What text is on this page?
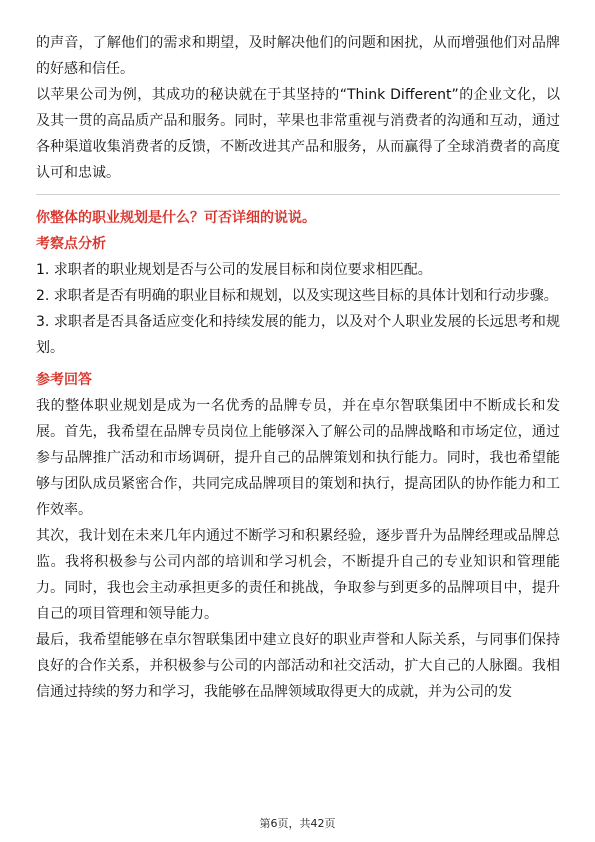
的声音，了解他们的需求和期望，及时解决他们的问题和困扰，从而增强他们对品牌的好感和信任。

以苹果公司为例，其成功的秘诀就在于其坚持的“Think Different”的企业文化，以及其一贯的高品质产品和服务。同时，苹果也非常重视与消费者的沟通和互动，通过各种渠道收集消费者的反馈，不断改进其产品和服务，从而赢得了全球消费者的高度认可和忠诚。

你整体的职业规划是什么？可否详细的说说。
考察点分析

1. 求职者的职业规划是否与公司的发展目标和岗位要求相匹配。

2. 求职者是否有明确的职业目标和规划，以及实现这些目标的具体计划和行动步骤。

3. 求职者是否具备适应变化和持续发展的能力，以及对个人职业发展的长远思考和规划。

参考回答

我的整体职业规划是成为一名优秀的品牌专员，并在卓尔智联集团中不断成长和发展。首先，我希望在品牌专员岗位上能够深入了解公司的品牌战略和市场定位，通过参与品牌推广活动和市场调研，提升自己的品牌策划和执行能力。同时，我也希望能够与团队成员紧密合作，共同完成品牌项目的策划和执行，提高团队的协作能力和工作效率。

其次，我计划在未来几年内通过不断学习和积累经验，逐步晋升为品牌经理或品牌总监。我将积极参与公司内部的培训和学习机会，不断提升自己的专业知识和管理能力。同时，我也会主动承担更多的责任和挑战，争取参与到更多的品牌项目中，提升自己的项目管理和领导能力。

最后，我希望能够在卓尔智联集团中建立良好的职业声誉和人际关系，与同事们保持良好的合作关系，并积极参与公司的内部活动和社交活动，扩大自己的人脉圈。我相信通过持续的努力和学习，我能够在品牌领域取得更大的成就，并为公司的发

第6页，共42页
